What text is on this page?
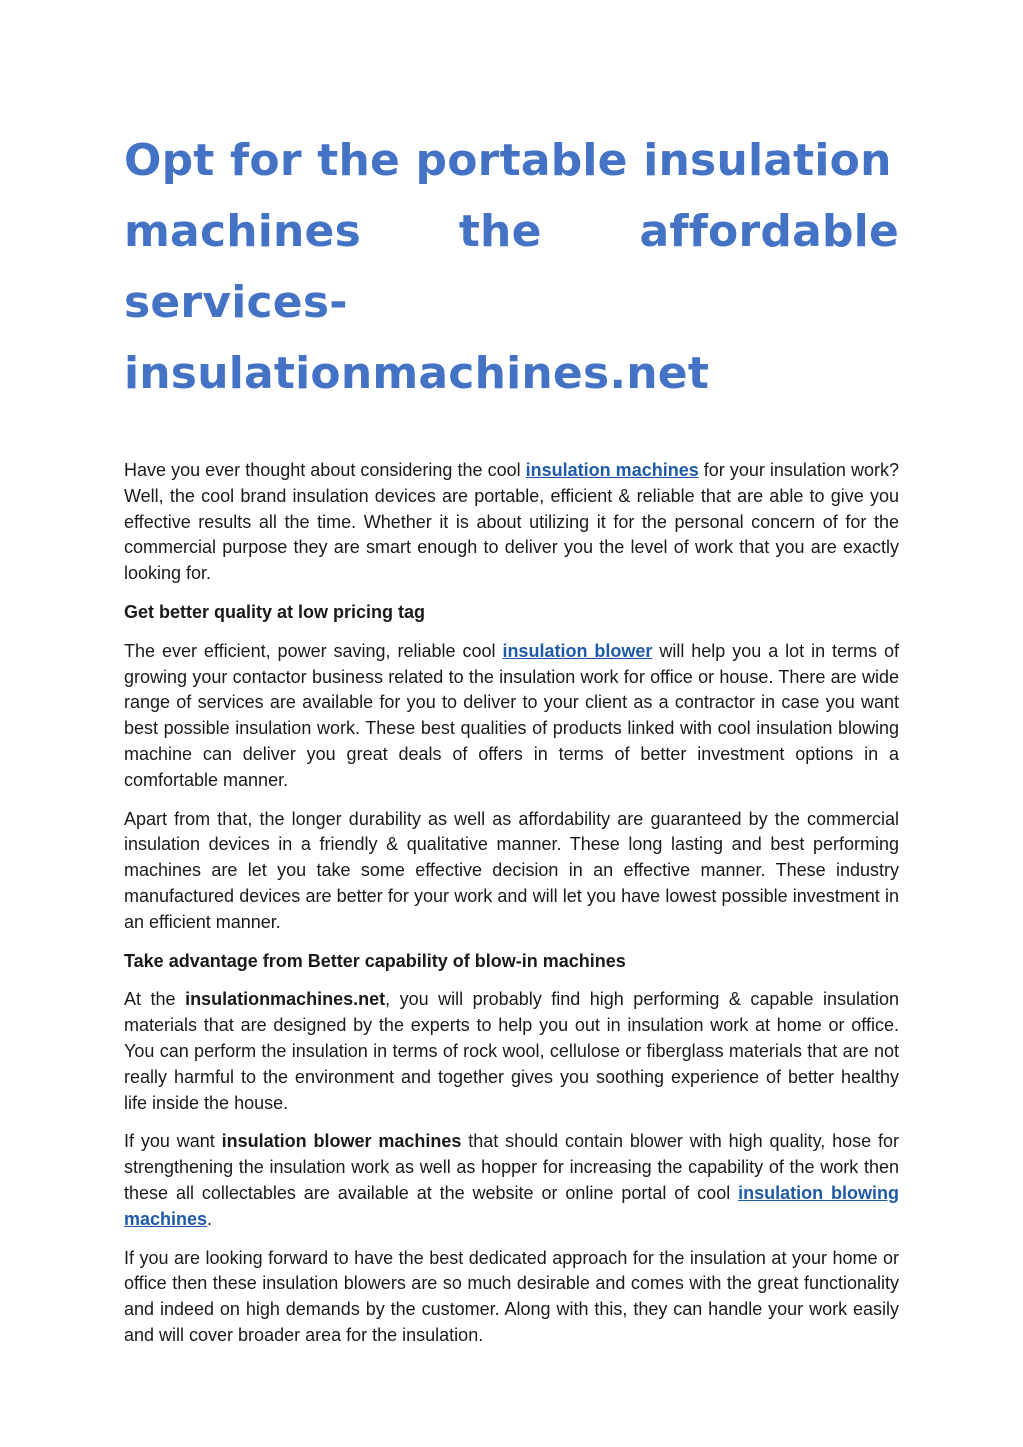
Opt for the portable insulation
machines the affordable
services-
insulationmachines.net

Have you ever thought about considering the cool insulation machines for your insulation work? Well, the cool brand insulation devices are portable, efficient & reliable that are able to give you effective results all the time. Whether it is about utilizing it for the personal concern of for the commercial purpose they are smart enough to deliver you the level of work that you are exactly looking for.

Get better quality at low pricing tag

The ever efficient, power saving, reliable cool insulation blower will help you a lot in terms of growing your contactor business related to the insulation work for office or house. There are wide range of services are available for you to deliver to your client as a contractor in case you want best possible insulation work. These best qualities of products linked with cool insulation blowing machine can deliver you great deals of offers in terms of better investment options in a comfortable manner.

Apart from that, the longer durability as well as affordability are guaranteed by the commercial insulation devices in a friendly & qualitative manner. These long lasting and best performing machines are let you take some effective decision in an effective manner. These industry manufactured devices are better for your work and will let you have lowest possible investment in an efficient manner.

Take advantage from Better capability of blow-in machines

At the insulationmachines.net, you will probably find high performing & capable insulation materials that are designed by the experts to help you out in insulation work at home or office. You can perform the insulation in terms of rock wool, cellulose or fiberglass materials that are not really harmful to the environment and together gives you soothing experience of better healthy life inside the house.

If you want insulation blower machines that should contain blower with high quality, hose for strengthening the insulation work as well as hopper for increasing the capability of the work then these all collectables are available at the website or online portal of cool insulation blowing machines.

If you are looking forward to have the best dedicated approach for the insulation at your home or office then these insulation blowers are so much desirable and comes with the great functionality and indeed on high demands by the customer. Along with this, they can handle your work easily and will cover broader area for the insulation.
